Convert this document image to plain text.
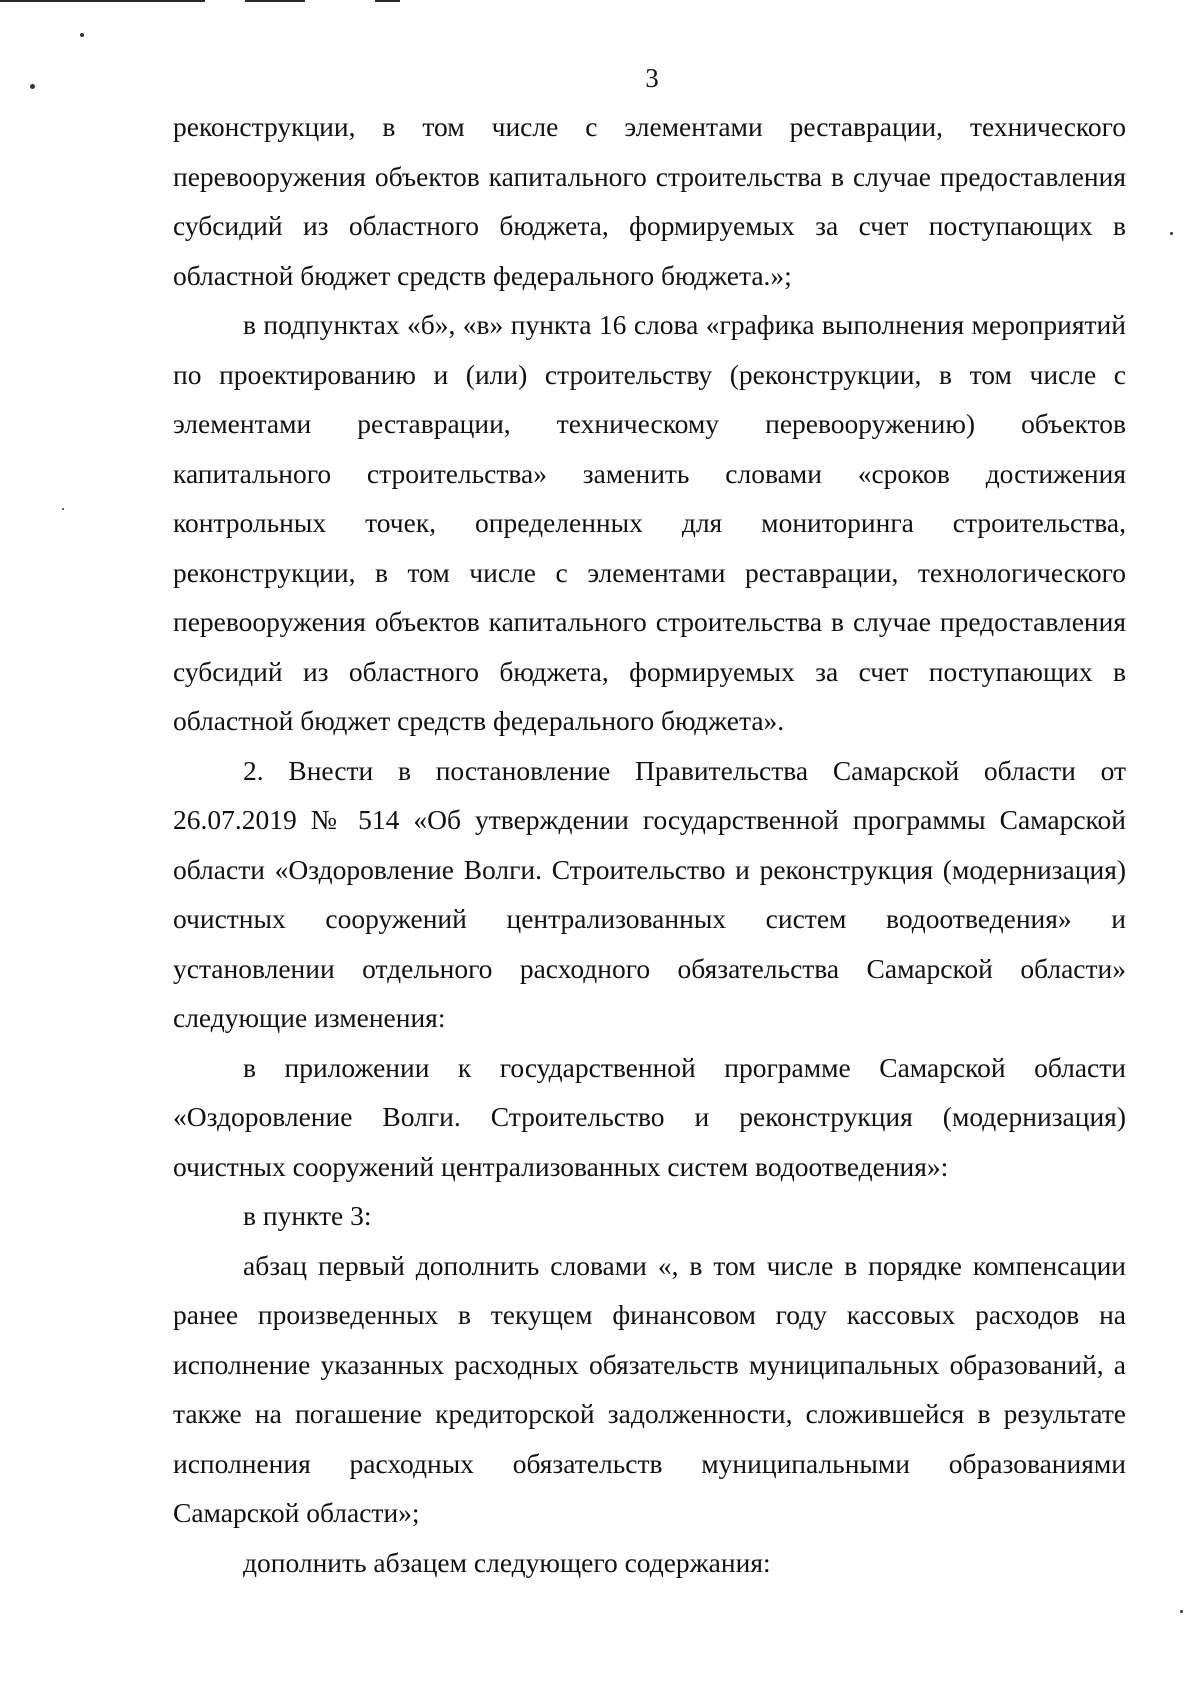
3

реконструкции, в том числе с элементами реставрации, технического перевооружения объектов капитального строительства в случае предоставления субсидий из областного бюджета, формируемых за счет поступающих в областной бюджет средств федерального бюджета.»;

в подпунктах «б», «в» пункта 16 слова «графика выполнения мероприятий по проектированию и (или) строительству (реконструкции, в том числе с элементами реставрации, техническому перевооружению) объектов капитального строительства» заменить словами «сроков достижения контрольных точек, определенных для мониторинга строительства, реконструкции, в том числе с элементами реставрации, технологического перевооружения объектов капитального строительства в случае предоставления субсидий из областного бюджета, формируемых за счет поступающих в областной бюджет средств федерального бюджета».

2. Внести в постановление Правительства Самарской области от 26.07.2019 № 514 «Об утверждении государственной программы Самарской области «Оздоровление Волги. Строительство и реконструкция (модернизация) очистных сооружений централизованных систем водоотведения» и установлении отдельного расходного обязательства Самарской области» следующие изменения:

в приложении к государственной программе Самарской области «Оздоровление Волги. Строительство и реконструкция (модернизация) очистных сооружений централизованных систем водоотведения»:

в пункте 3:

абзац первый дополнить словами «, в том числе в порядке компенсации ранее произведенных в текущем финансовом году кассовых расходов на исполнение указанных расходных обязательств муниципальных образований, а также на погашение кредиторской задолженности, сложившейся в результате исполнения расходных обязательств муниципальными образованиями Самарской области»;

дополнить абзацем следующего содержания:
